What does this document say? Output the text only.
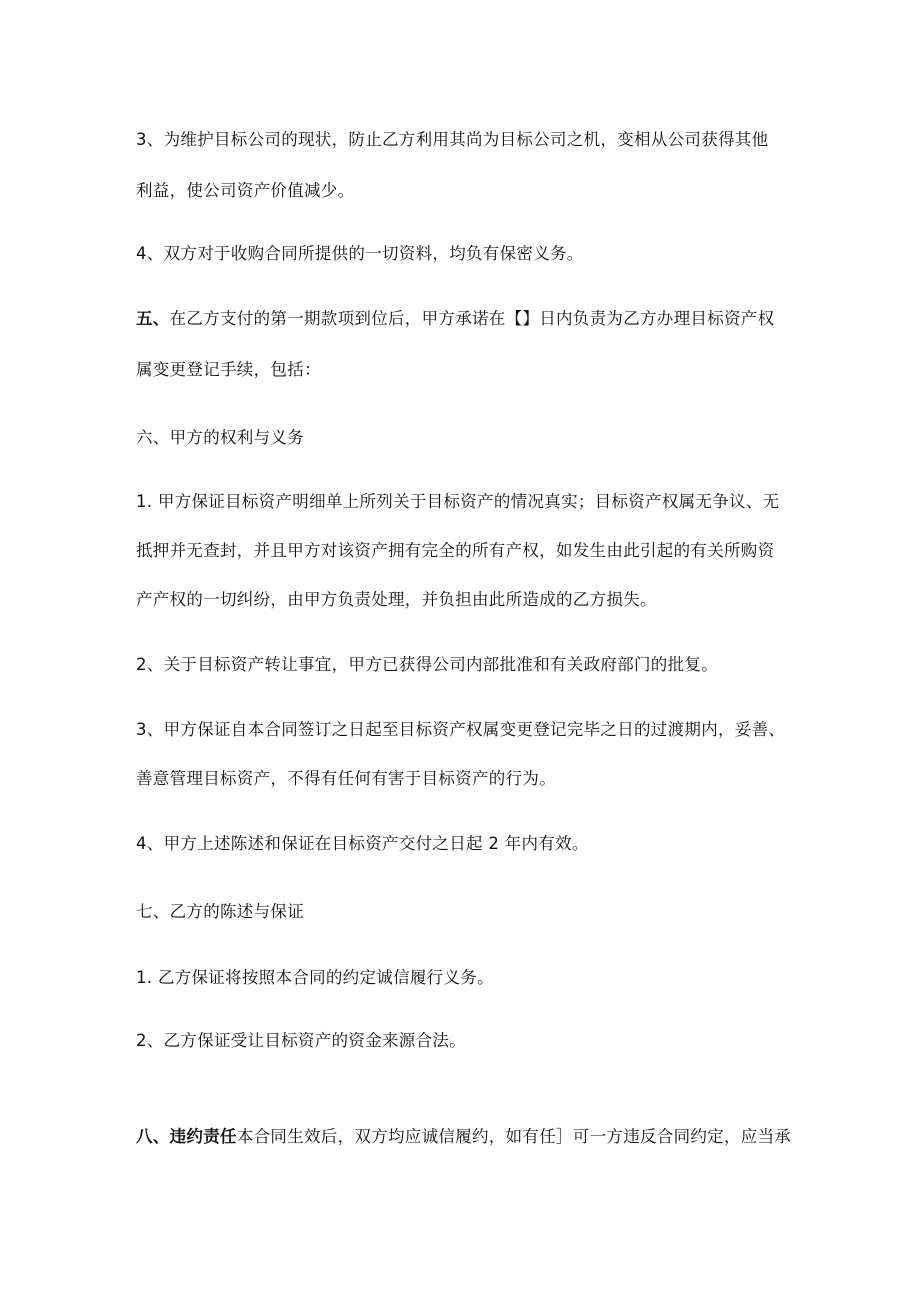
3、为维护目标公司的现状，防止乙方利用其尚为目标公司之机，变相从公司获得其他
利益，使公司资产价值减少。
4、双方对于收购合同所提供的一切资料，均负有保密义务。
五、在乙方支付的第一期款项到位后，甲方承诺在【】日内负责为乙方办理目标资产权
属变更登记手续，包括：
六、甲方的权利与义务
1. 甲方保证目标资产明细单上所列关于目标资产的情况真实；目标资产权属无争议、无
抵押并无查封，并且甲方对该资产拥有完全的所有产权，如发生由此引起的有关所购资
产产权的一切纠纷，由甲方负责处理，并负担由此所造成的乙方损失。
2、关于目标资产转让事宜，甲方已获得公司内部批准和有关政府部门的批复。
3、甲方保证自本合同签订之日起至目标资产权属变更登记完毕之日的过渡期内，妥善、
善意管理目标资产，不得有任何有害于目标资产的行为。
4、甲方上述陈述和保证在目标资产交付之日起 2 年内有效。
七、乙方的陈述与保证
1. 乙方保证将按照本合同的约定诚信履行义务。
2、乙方保证受让目标资产的资金来源合法。
八、违约责任本合同生效后，双方均应诚信履约，如有任］可一方违反合同约定，应当承
